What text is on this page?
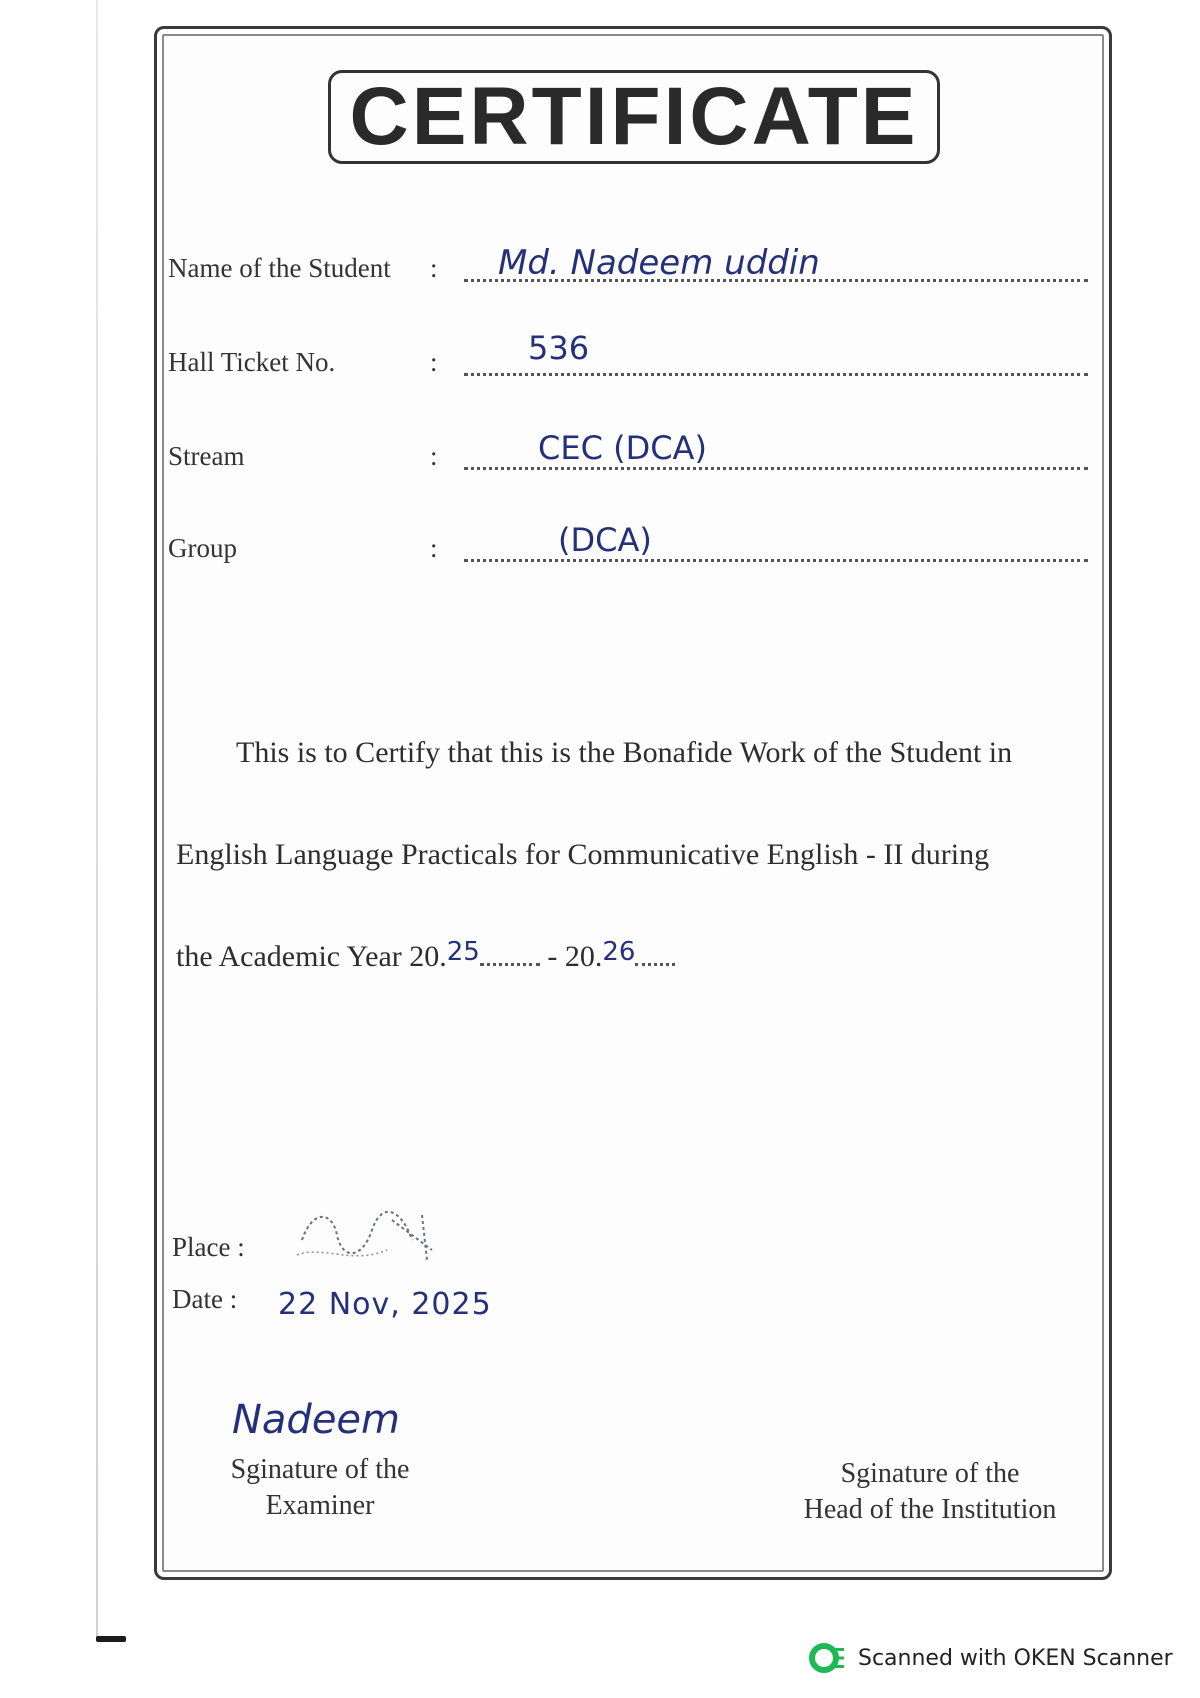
CERTIFICATE
Name of the Student : Md. Nadeem uddin
Hall Ticket No.	:	536
Stream	:	CEC (DCA)
Group	:	(DCA)
This is to Certify that this is the Bonafide Work of the Student in
English Language Practicals for Communicative English - II during
the Academic Year 20.25 - 20.26
Place :
Date : 22 Nov, 2025
Nadeem
Sginature of the
Examiner
Sginature of the
Head of the Institution
Scanned with OKEN Scanner
